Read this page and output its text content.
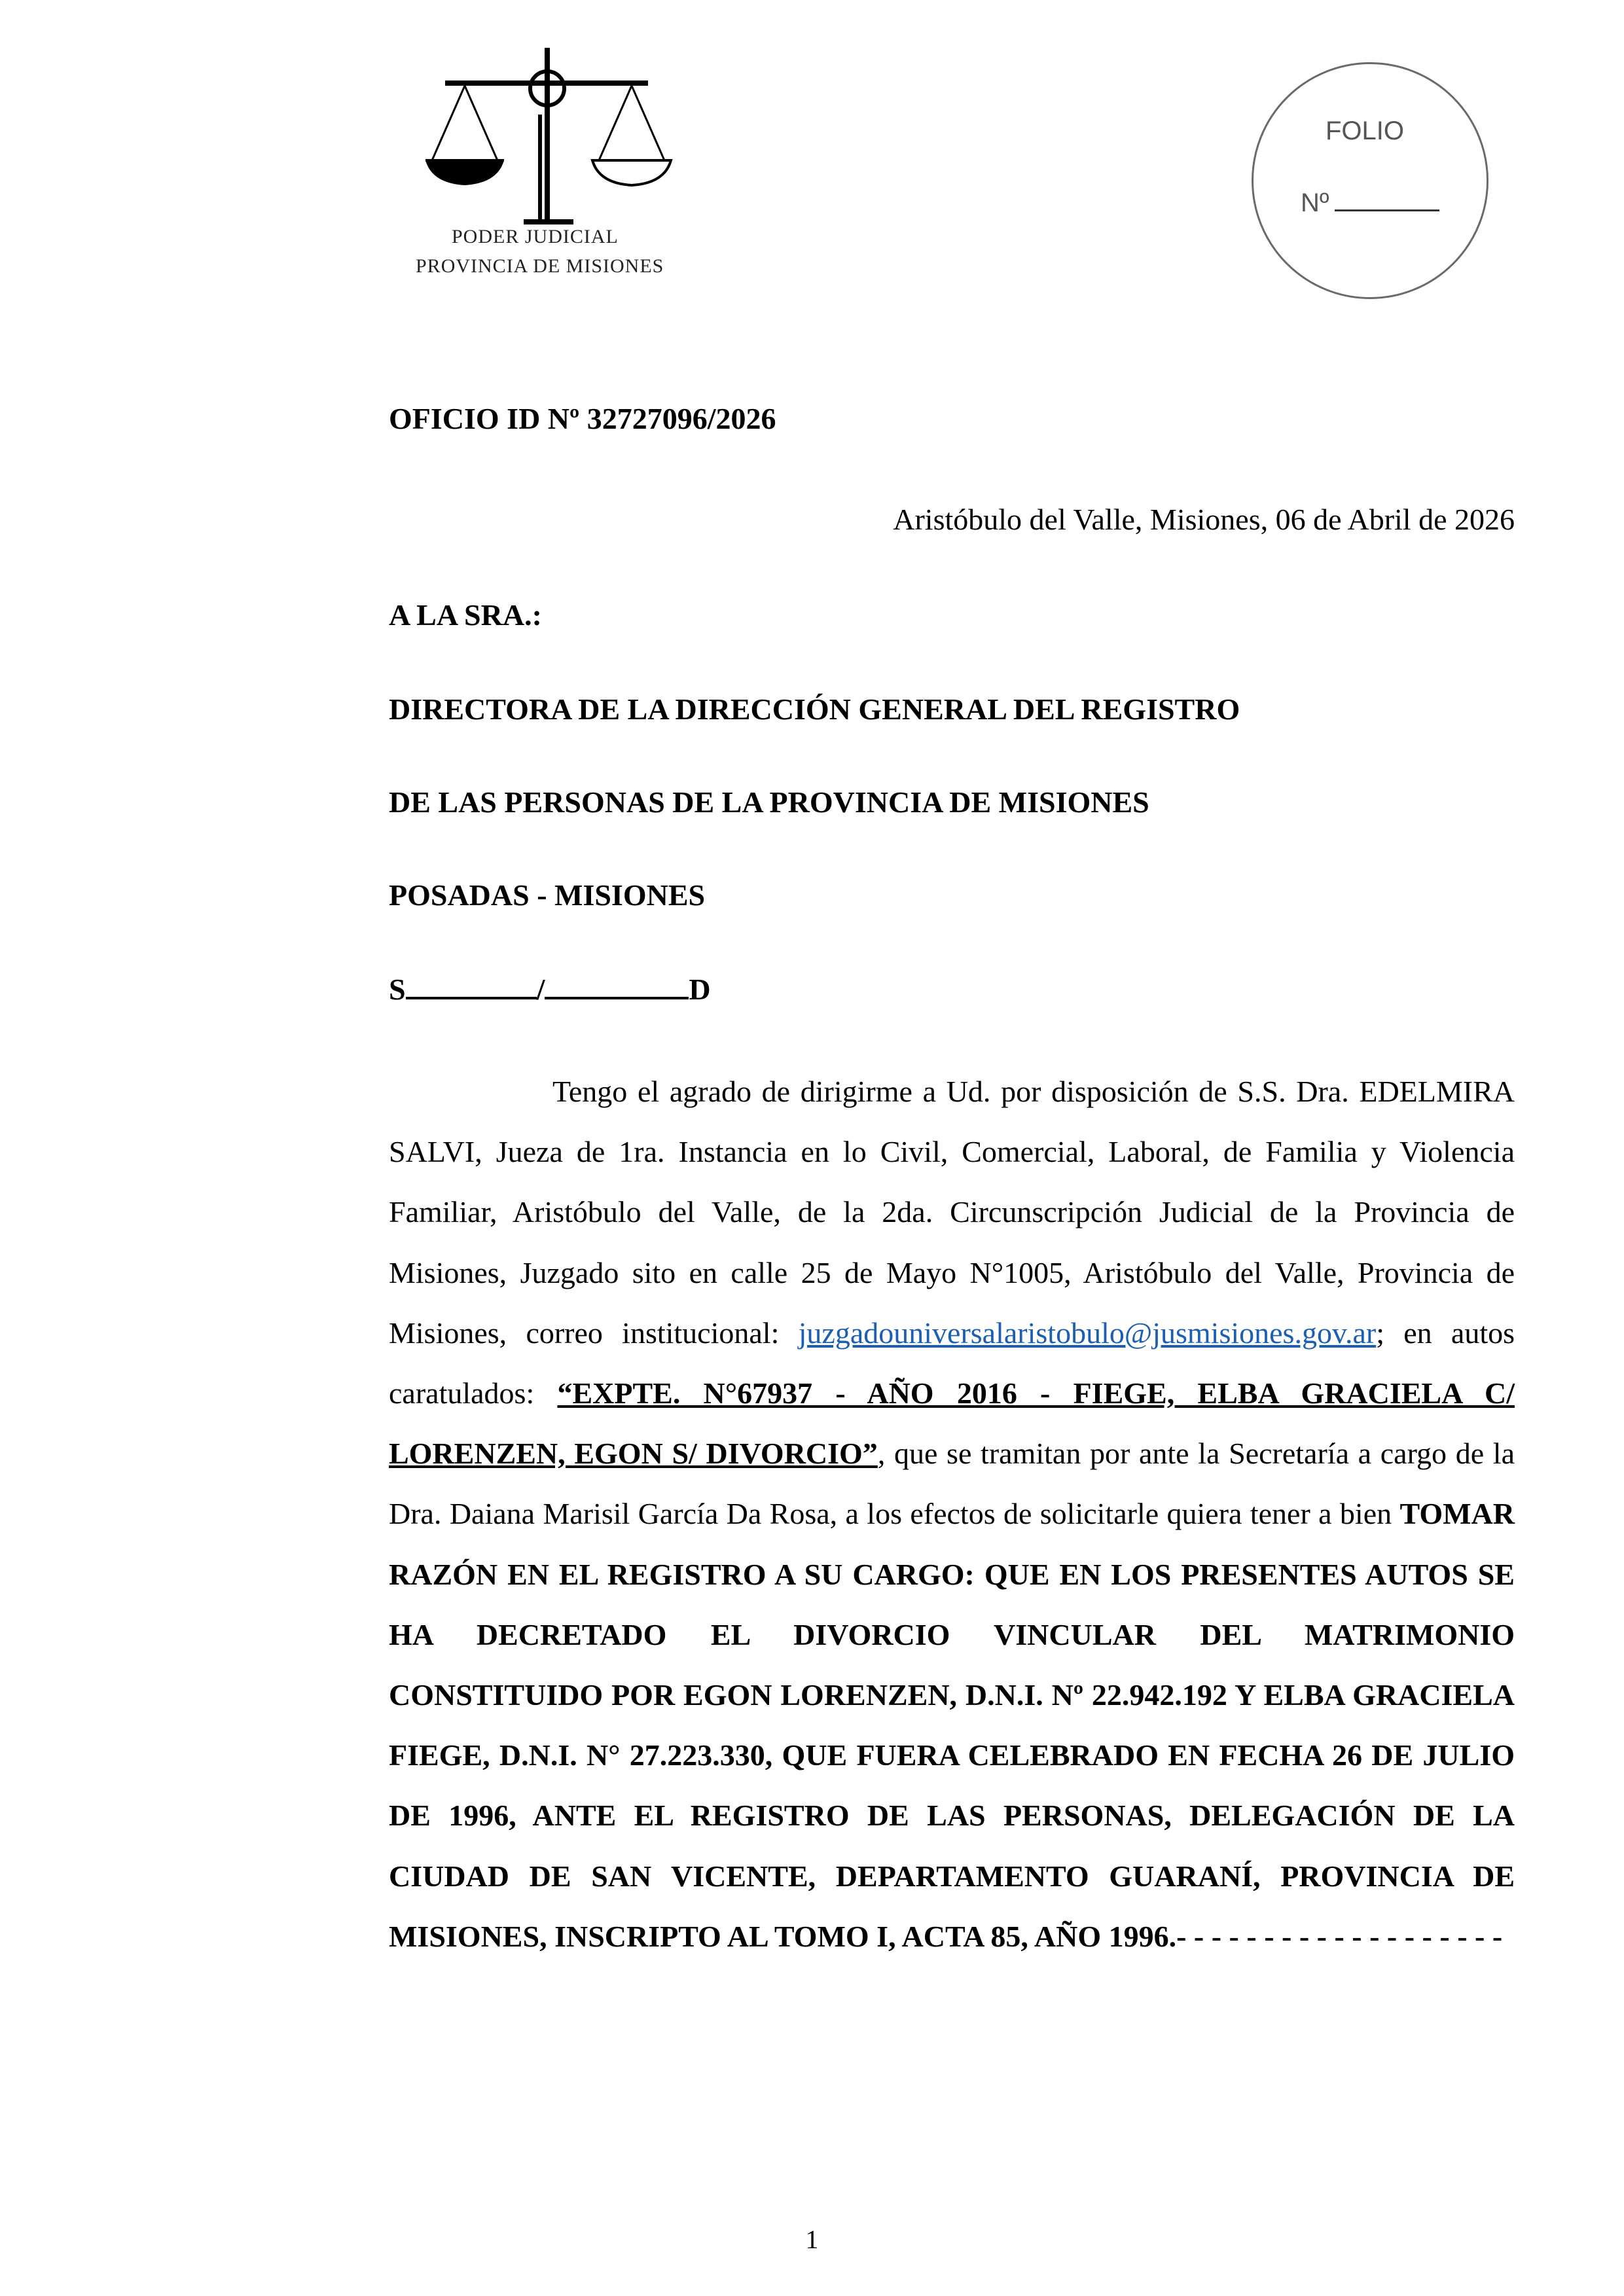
PODER JUDICIAL
PROVINCIA DE MISIONES
FOLIO
Nº
OFICIO ID Nº 32727096/2026
Aristóbulo del Valle, Misiones, 06 de Abril de 2026
A LA SRA.:
DIRECTORA DE LA DIRECCIÓN GENERAL DEL REGISTRO
DE LAS PERSONAS DE LA PROVINCIA DE MISIONES
POSADAS - MISIONES
S	/	D

Tengo el agrado de dirigirme a Ud. por disposición de S.S. Dra. EDELMIRA SALVI, Jueza de 1ra. Instancia en lo Civil, Comercial, Laboral, de Familia y Violencia Familiar, Aristóbulo del Valle, de la 2da. Circunscripción Judicial de la Provincia de Misiones, Juzgado sito en calle 25 de Mayo N°1005, Aristóbulo del Valle, Provincia de Misiones, correo institucional: juzgadouniversalaristobulo@jusmisiones.gov.ar; en autos caratulados: “EXPTE. N°67937 - AÑO 2016 - FIEGE, ELBA GRACIELA C/ LORENZEN, EGON S/ DIVORCIO”, que se tramitan por ante la Secretaría a cargo de la Dra. Daiana Marisil García Da Rosa, a los efectos de solicitarle quiera tener a bien TOMAR RAZÓN EN EL REGISTRO A SU CARGO: QUE EN LOS PRESENTES AUTOS SE HA DECRETADO EL DIVORCIO VINCULAR DEL MATRIMONIO CONSTITUIDO POR EGON LORENZEN, D.N.I. Nº 22.942.192 Y ELBA GRACIELA FIEGE, D.N.I. N° 27.223.330, QUE FUERA CELEBRADO EN FECHA 26 DE JULIO DE 1996, ANTE EL REGISTRO DE LAS PERSONAS, DELEGACIÓN DE LA CIUDAD DE SAN VICENTE, DEPARTAMENTO GUARANÍ, PROVINCIA DE MISIONES, INSCRIPTO AL TOMO I, ACTA 85, AÑO 1996.- - - - - - - - - - - - - - - - - - -

1
